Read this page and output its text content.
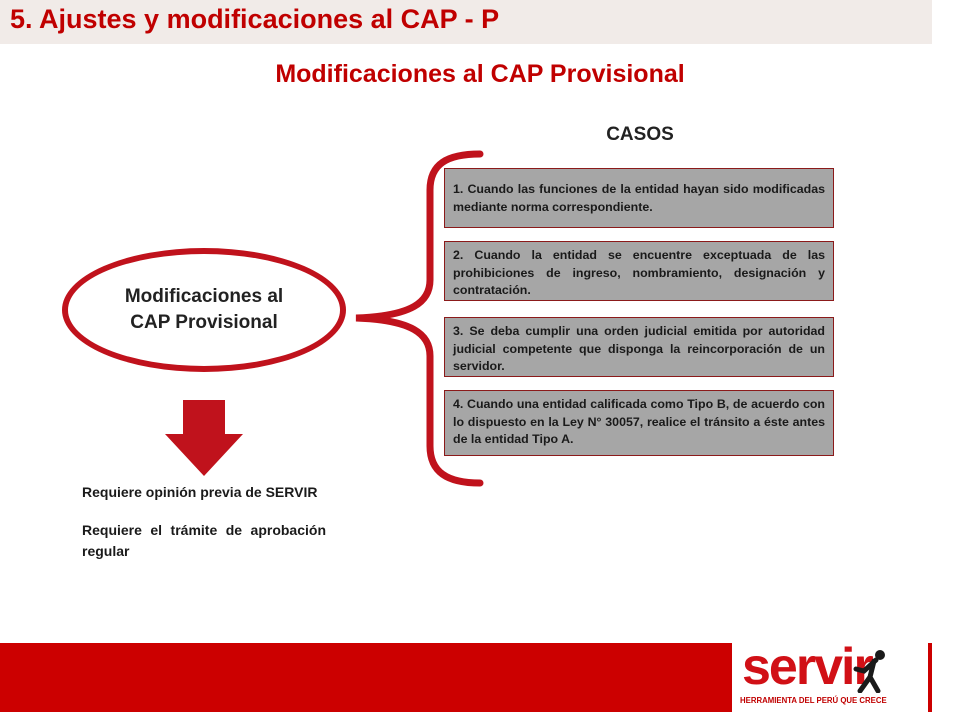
5. Ajustes y modificaciones al CAP - P
Modificaciones al CAP Provisional
CASOS
Modificaciones al
CAP Provisional
1. Cuando las funciones de la entidad hayan sido modificadas mediante norma correspondiente.
2. Cuando la entidad se encuentre exceptuada de las prohibiciones de ingreso, nombramiento, designación y contratación.
3. Se deba cumplir una orden judicial emitida por autoridad judicial competente que disponga la reincorporación de un servidor.
4. Cuando una entidad calificada como Tipo B, de acuerdo con lo dispuesto en la Ley N° 30057, realice el tránsito a éste antes de la entidad Tipo A.

Requiere opinión previa de SERVIR

Requiere el trámite de aprobación regular

servir
HERRAMIENTA DEL PERÚ QUE CRECE
